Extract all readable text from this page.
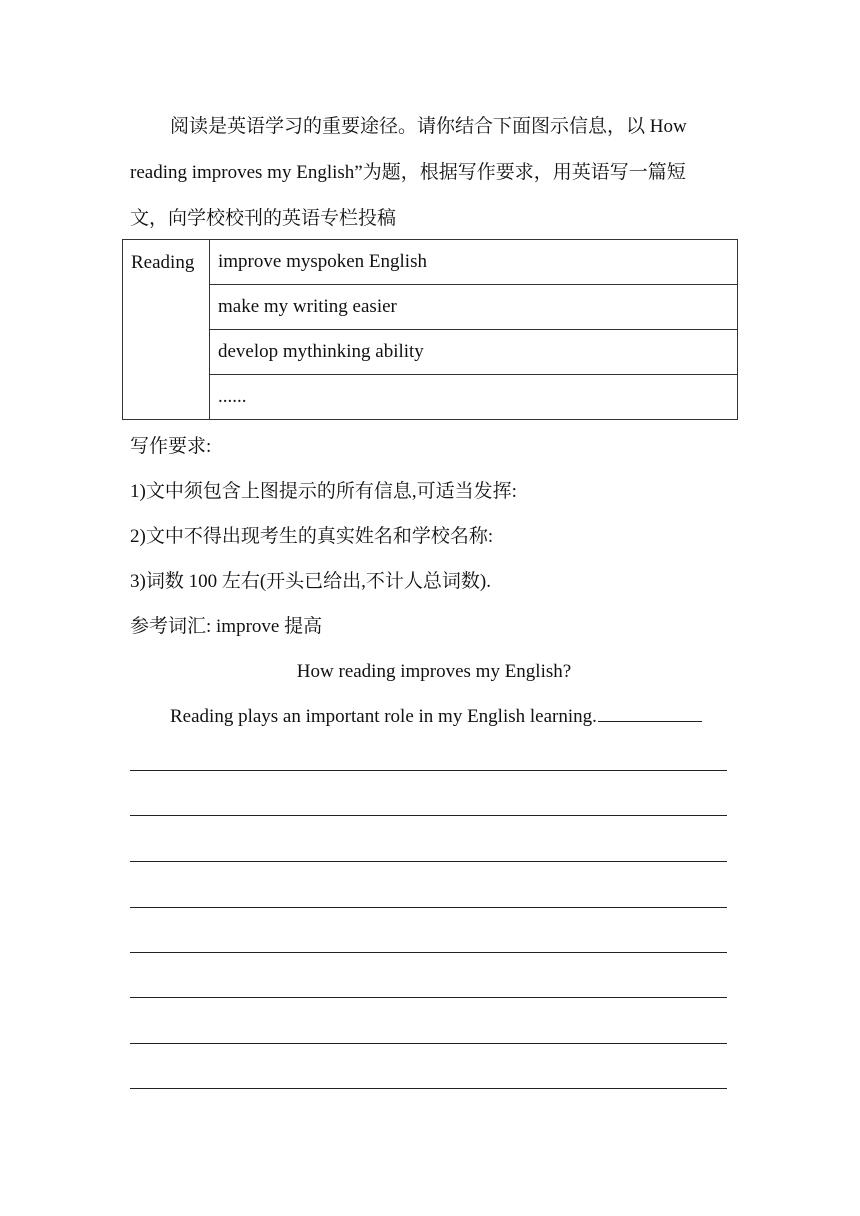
阅读是英语学习的重要途径。请你结合下面图示信息，以 How
reading improves my English”为题，根据写作要求，用英语写一篇短
文，向学校校刊的英语专栏投稿
Reading	improve myspoken English
make my writing easier
develop mythinking ability
......
写作要求:
1)文中须包含上图提示的所有信息,可适当发挥:
2)文中不得出现考生的真实姓名和学校名称:
3)词数 100 左右(开头已给出,不计人总词数).
参考词汇: improve 提高
How reading improves my English?
Reading plays an important role in my English learning.
